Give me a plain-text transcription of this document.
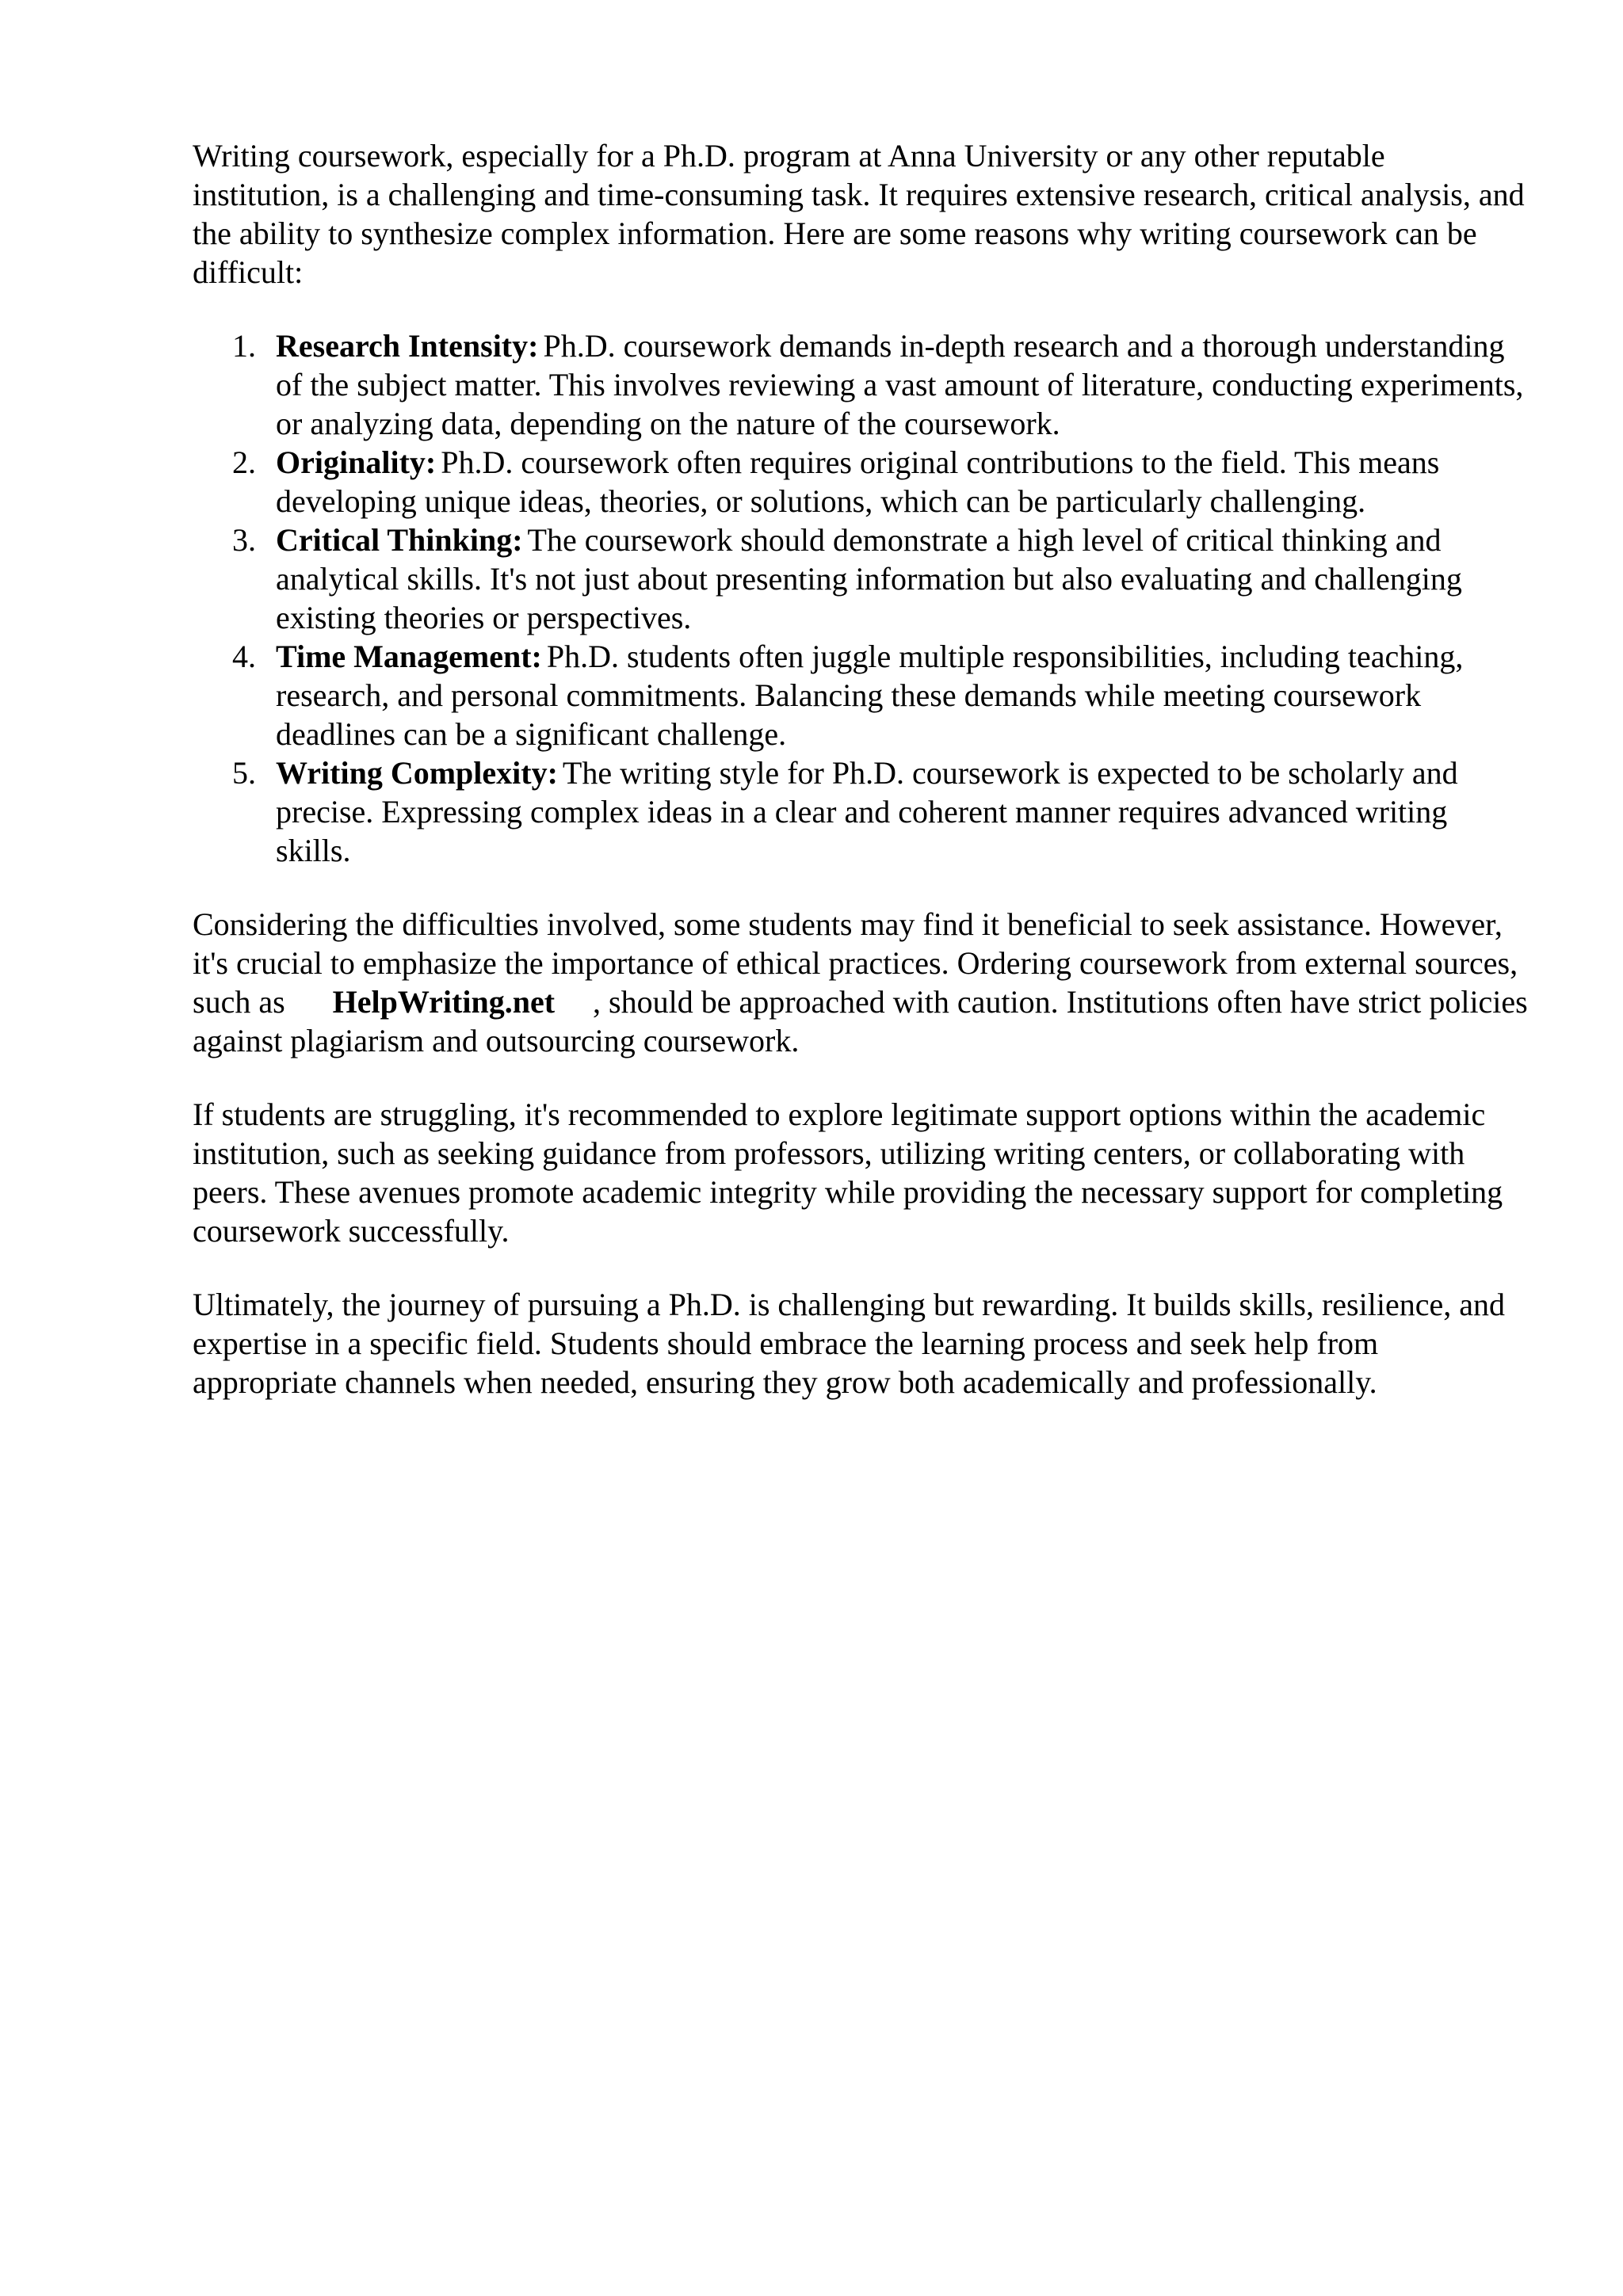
Writing coursework, especially for a Ph.D. program at Anna University or any other reputable institution, is a challenging and time-consuming task. It requires extensive research, critical analysis, and the ability to synthesize complex information. Here are some reasons why writing coursework can be difficult:

1. Research Intensity: Ph.D. coursework demands in-depth research and a thorough understanding of the subject matter. This involves reviewing a vast amount of literature, conducting experiments, or analyzing data, depending on the nature of the coursework.
2. Originality: Ph.D. coursework often requires original contributions to the field. This means developing unique ideas, theories, or solutions, which can be particularly challenging.
3. Critical Thinking: The coursework should demonstrate a high level of critical thinking and analytical skills. It's not just about presenting information but also evaluating and challenging existing theories or perspectives.
4. Time Management: Ph.D. students often juggle multiple responsibilities, including teaching, research, and personal commitments. Balancing these demands while meeting coursework deadlines can be a significant challenge.
5. Writing Complexity: The writing style for Ph.D. coursework is expected to be scholarly and precise. Expressing complex ideas in a clear and coherent manner requires advanced writing skills.

Considering the difficulties involved, some students may find it beneficial to seek assistance. However, it's crucial to emphasize the importance of ethical practices. Ordering coursework from external sources, such as HelpWriting.net , should be approached with caution. Institutions often have strict policies against plagiarism and outsourcing coursework.

If students are struggling, it's recommended to explore legitimate support options within the academic institution, such as seeking guidance from professors, utilizing writing centers, or collaborating with peers. These avenues promote academic integrity while providing the necessary support for completing coursework successfully.

Ultimately, the journey of pursuing a Ph.D. is challenging but rewarding. It builds skills, resilience, and expertise in a specific field. Students should embrace the learning process and seek help from appropriate channels when needed, ensuring they grow both academically and professionally.
